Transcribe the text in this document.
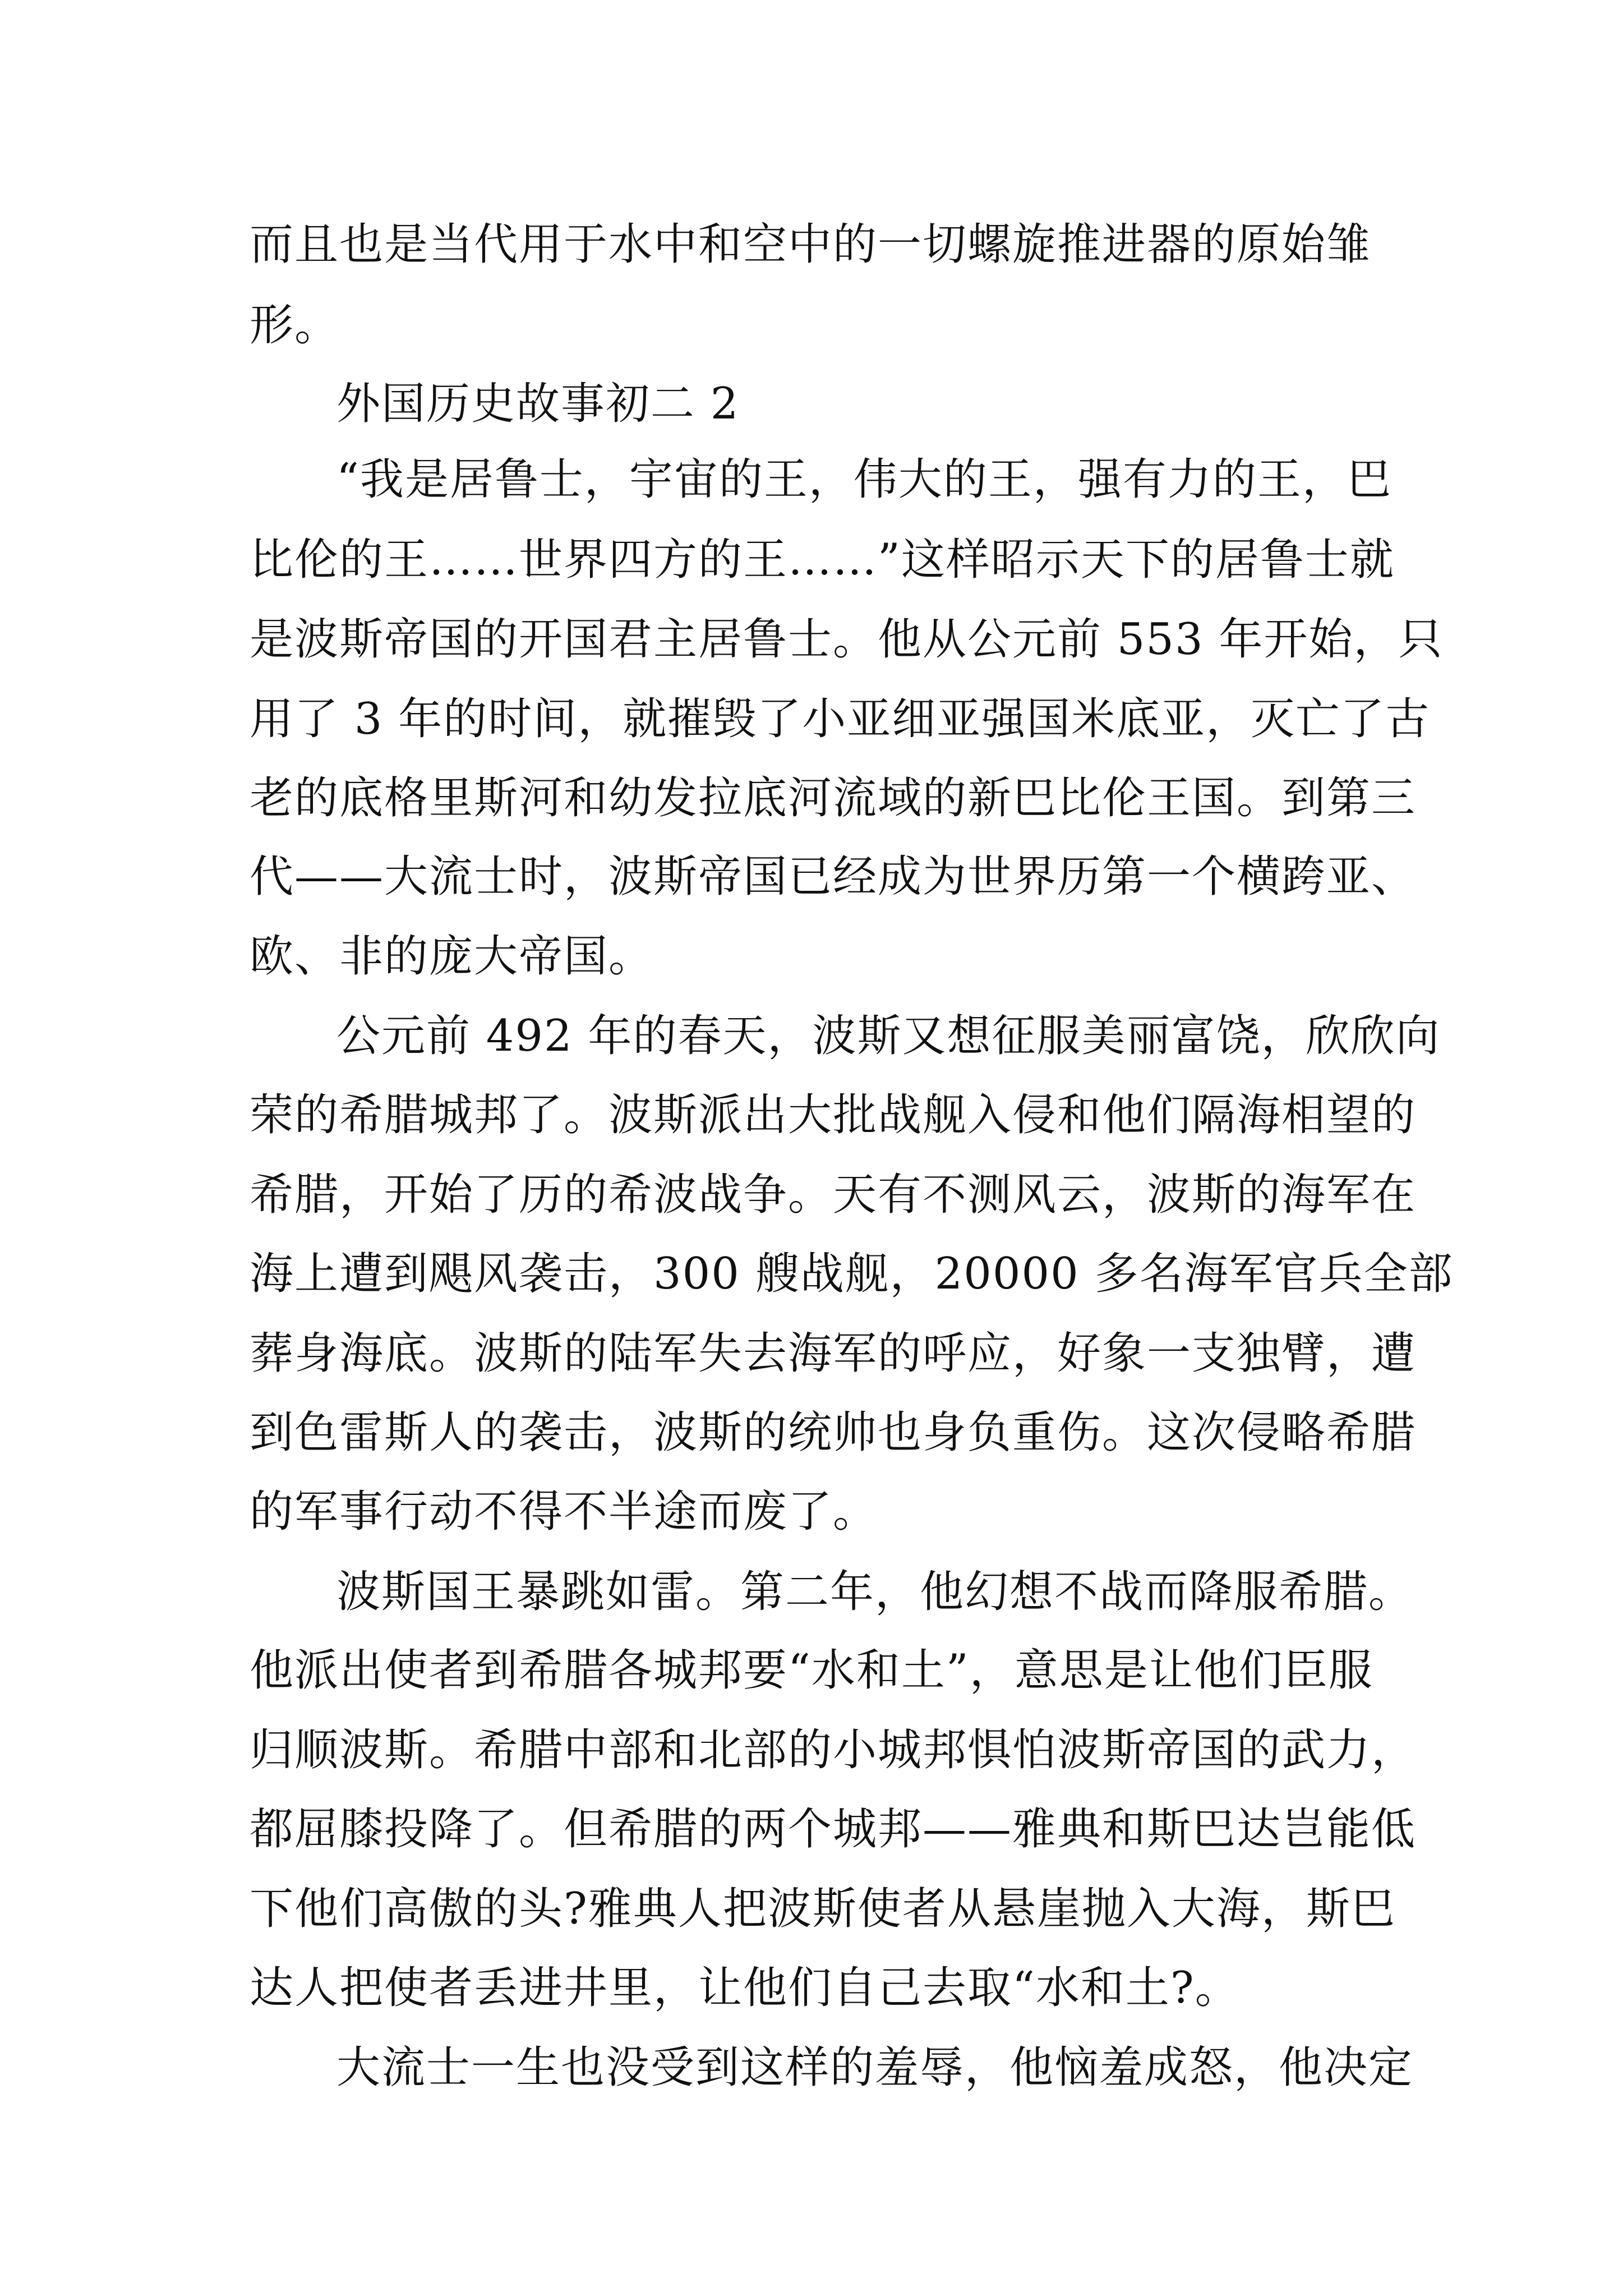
而且也是当代用于水中和空中的一切螺旋推进器的原始雏
形。
外国历史故事初二 2
“我是居鲁士，宇宙的王，伟大的王，强有力的王，巴
比伦的王……世界四方的王……”这样昭示天下的居鲁士就
是波斯帝国的开国君主居鲁士。他从公元前 553 年开始，只
用了 3 年的时间，就摧毁了小亚细亚强国米底亚，灭亡了古
老的底格里斯河和幼发拉底河流域的新巴比伦王国。到第三
代——大流士时，波斯帝国已经成为世界历第一个横跨亚、
欧、非的庞大帝国。
公元前 492 年的春天，波斯又想征服美丽富饶，欣欣向
荣的希腊城邦了。波斯派出大批战舰入侵和他们隔海相望的
希腊，开始了历的希波战争。天有不测风云，波斯的海军在
海上遭到飓风袭击，300 艘战舰，20000 多名海军官兵全部
葬身海底。波斯的陆军失去海军的呼应，好象一支独臂，遭
到色雷斯人的袭击，波斯的统帅也身负重伤。这次侵略希腊
的军事行动不得不半途而废了。
波斯国王暴跳如雷。第二年，他幻想不战而降服希腊。
他派出使者到希腊各城邦要“水和土”，意思是让他们臣服
归顺波斯。希腊中部和北部的小城邦惧怕波斯帝国的武力，
都屈膝投降了。但希腊的两个城邦——雅典和斯巴达岂能低
下他们高傲的头?雅典人把波斯使者从悬崖抛入大海，斯巴
达人把使者丢进井里，让他们自己去取“水和土?。
大流士一生也没受到这样的羞辱，他恼羞成怒，他决定
